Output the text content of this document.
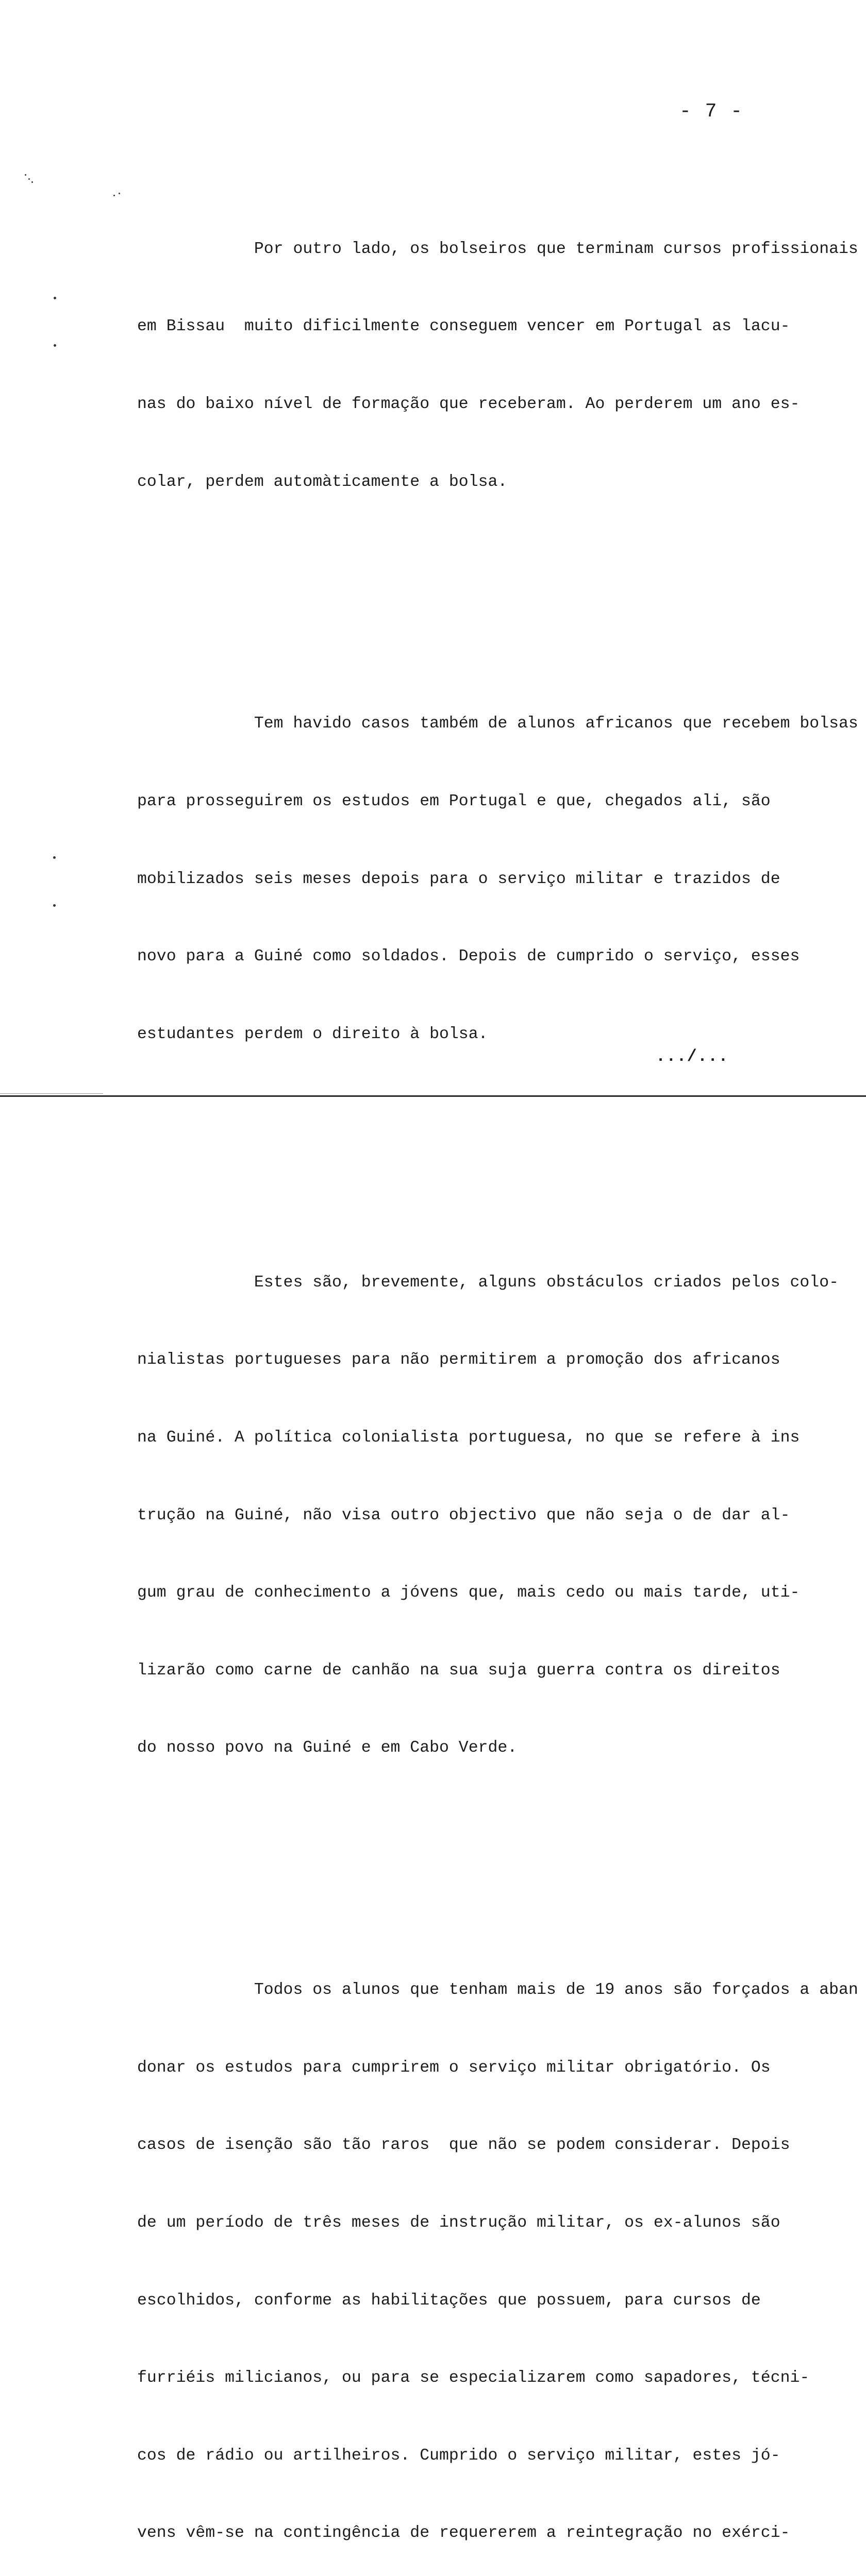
- 7 -

Por outro lado, os bolseiros que terminam cursos profissionais

em Bissau  muito dificilmente conseguem vencer em Portugal as lacu-

nas do baixo nível de formação que receberam. Ao perderem um ano es-

colar, perdem automàticamente a bolsa.

Tem havido casos também de alunos africanos que recebem bolsas

para prosseguirem os estudos em Portugal e que, chegados ali, são

mobilizados seis meses depois para o serviço militar e trazidos de

novo para a Guiné como soldados. Depois de cumprido o serviço, esses

estudantes perdem o direito à bolsa.

Estes são, brevemente, alguns obstáculos criados pelos colo-

nialistas portugueses para não permitirem a promoção dos africanos

na Guiné. A política colonialista portuguesa, no que se refere à ins

trução na Guiné, não visa outro objectivo que não seja o de dar al-

gum grau de conhecimento a jóvens que, mais cedo ou mais tarde, uti-

lizarão como carne de canhão na sua suja guerra contra os direitos

do nosso povo na Guiné e em Cabo Verde.

Todos os alunos que tenham mais de 19 anos são forçados a aban

donar os estudos para cumprirem o serviço militar obrigatório. Os

casos de isenção são tão raros  que não se podem considerar. Depois

de um período de três meses de instrução militar, os ex-alunos são

escolhidos, conforme as habilitações que possuem, para cursos de

furriéis milicianos, ou para se especializarem como sapadores, técni-

cos de rádio ou artilheiros. Cumprido o serviço militar, estes jó-

vens vêm-se na contingência de requererem a reintegração no exérci-

.../...
